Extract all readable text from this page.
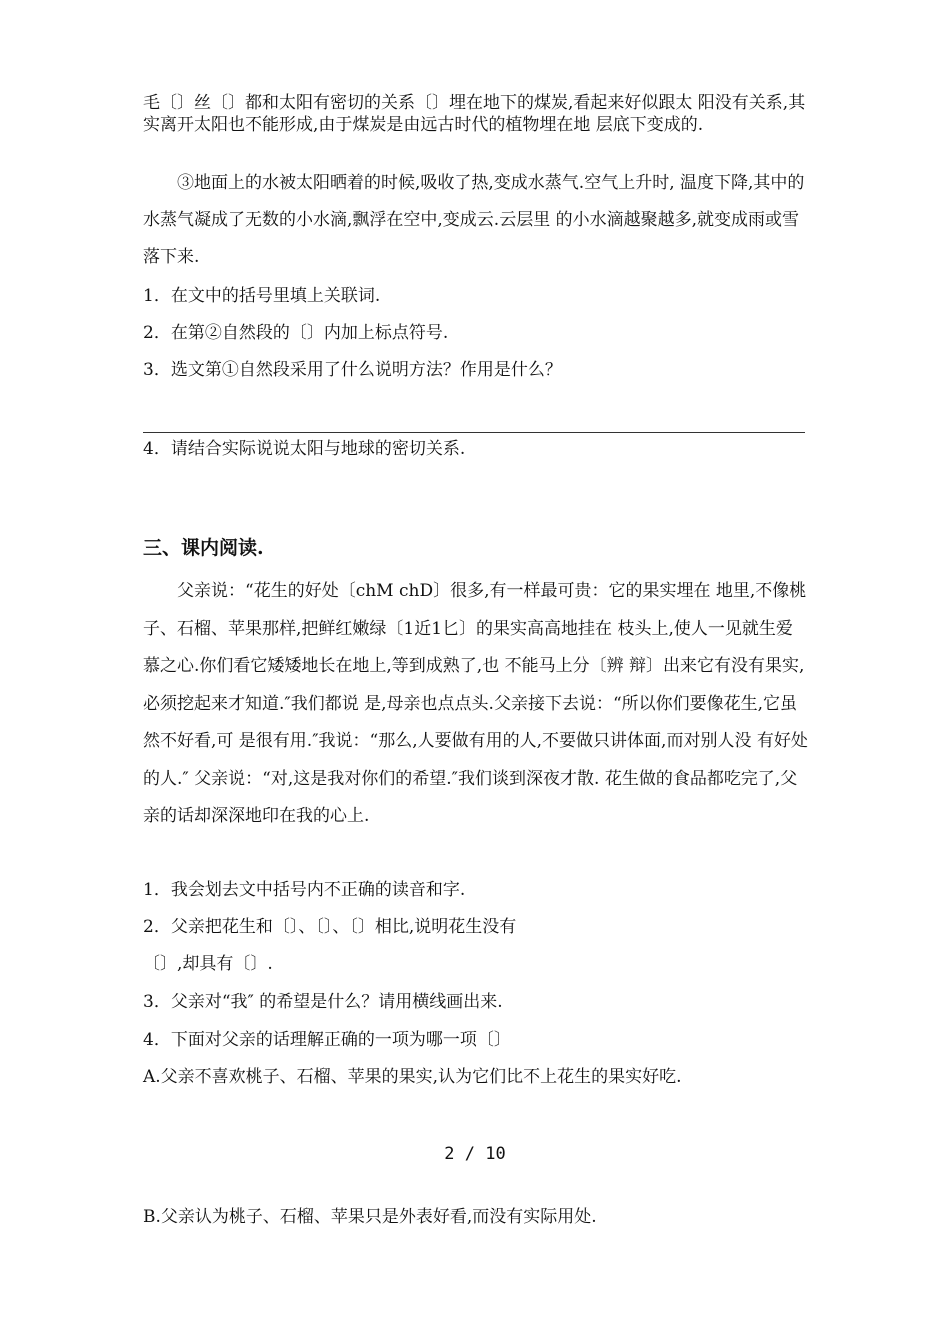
毛〔〕丝〔〕都和太阳有密切的关系〔〕埋在地下的煤炭,看起来好似跟太 阳没有关系,其实离开太阳也不能形成,由于煤炭是由远古时代的植物埋在地 层底下变成的.

③地面上的水被太阳晒着的时候,吸收了热,变成水蒸气.空气上升时, 温度下降,其中的水蒸气凝成了无数的小水滴,飘浮在空中,变成云.云层里 的小水滴越聚越多,就变成雨或雪落下来.

1．在文中的括号里填上关联词.

2．在第②自然段的〔〕内加上标点符号.

3．选文第①自然段采用了什么说明方法？作用是什么？

4．请结合实际说说太阳与地球的密切关系.

三、课内阅读.

父亲说：“花生的好处〔chM chD〕很多,有一样最可贵：它的果实埋在 地里,不像桃子、石榴、苹果那样,把鲜红嫩绿〔1近1匕〕的果实高高地挂在 枝头上,使人一见就生爱慕之心.你们看它矮矮地长在地上,等到成熟了,也 不能马上分〔辨 辩〕出来它有没有果实,必须挖起来才知道.″我们都说 是,母亲也点点头.父亲接下去说：“所以你们要像花生,它虽然不好看,可 是很有用.″我说：“那么,人要做有用的人,不要做只讲体面,而对别人没 有好处的人.″ 父亲说：“对,这是我对你们的希望.″我们谈到深夜才散. 花生做的食品都吃完了,父亲的话却深深地印在我的心上.

1．我会划去文中括号内不正确的读音和字.

2．父亲把花生和〔〕、〔〕、〔〕相比,说明花生没有

〔〕,却具有〔〕.

3．父亲对“我″ 的希望是什么？请用横线画出来.

4．下面对父亲的话理解正确的一项为哪一项〔〕

A.父亲不喜欢桃子、石榴、苹果的果实,认为它们比不上花生的果实好吃.

2 / 10

B.父亲认为桃子、石榴、苹果只是外表好看,而没有实际用处.
